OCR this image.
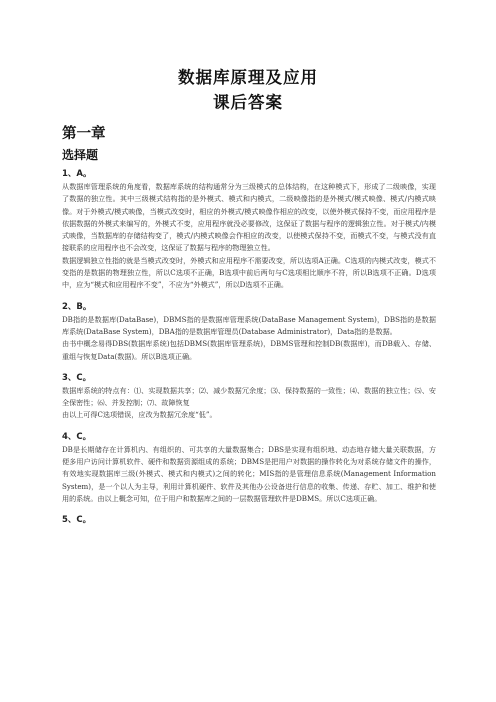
数据库原理及应用
课后答案
第一章
选择题

1、A。

从数据库管理系统的角度看，数据库系统的结构通常分为三级模式的总体结构，在这种模式下，形成了二级映像，实现了数据的独立性。其中三级模式结构指的是外模式、模式和内模式，二级映像指的是外模式/模式映像、模式/内模式映像。对于外模式/模式映像，当模式改变时，相应的外模式/模式映像作相应的改变，以使外模式保持不变，而应用程序是依据数据的外模式来编写的，外模式不变，应用程序就没必要修改，这保证了数据与程序的逻辑独立性。对于模式/内模式映像，当数据库的存储结构变了，模式/内模式映像会作相应的改变，以使模式保持不变，而模式不变，与模式没有直接联系的应用程序也不会改变，这保证了数据与程序的物理独立性。
数据逻辑独立性指的就是当模式改变时，外模式和应用程序不需要改变，所以选项A正确。C选项的内模式改变，模式不变指的是数据的物理独立性，所以C选项不正确，B选项中前后两句与C选项相比顺序不符，所以B选项不正确。D选项中，应为“模式和应用程序不变”，不应为“外模式”，所以D选项不正确。

2、B。

DB指的是数据库(DataBase)，DBMS指的是数据库管理系统(DataBase Management System)，DBS指的是数据库系统(DataBase System)，DBA指的是数据库管理员(Database Administrator)，Data指的是数据。
由书中概念易得DBS(数据库系统)包括DBMS(数据库管理系统)，DBMS管理和控制DB(数据库)，而DB载入、存储、重组与恢复Data(数据)。所以B选项正确。

3、C。

数据库系统的特点有：⑴、实现数据共享；⑵、减少数据冗余度；⑶、保持数据的一致性；⑷、数据的独立性；⑸、安全保密性；⑹、并发控制；⑺、故障恢复
由以上可得C选项错误，应改为数据冗余度“低”。

4、C。

DB是长期储存在计算机内、有组织的、可共享的大量数据集合；DBS是实现有组织地、动态地存储大量关联数据，方便多用户访问计算机软件、硬件和数据资源组成的系统；DBMS是把用户对数据的操作转化为对系统存储文件的操作，有效地实现数据库三级(外模式、模式和内模式)之间的转化；MIS指的是管理信息系统(Management Information System)，是一个以人为主导，利用计算机硬件、软件及其他办公设备进行信息的收集、传递、存贮、加工、维护和使用的系统。由以上概念可知，位于用户和数据库之间的一层数据管理软件是DBMS。所以C选项正确。

5、C。
